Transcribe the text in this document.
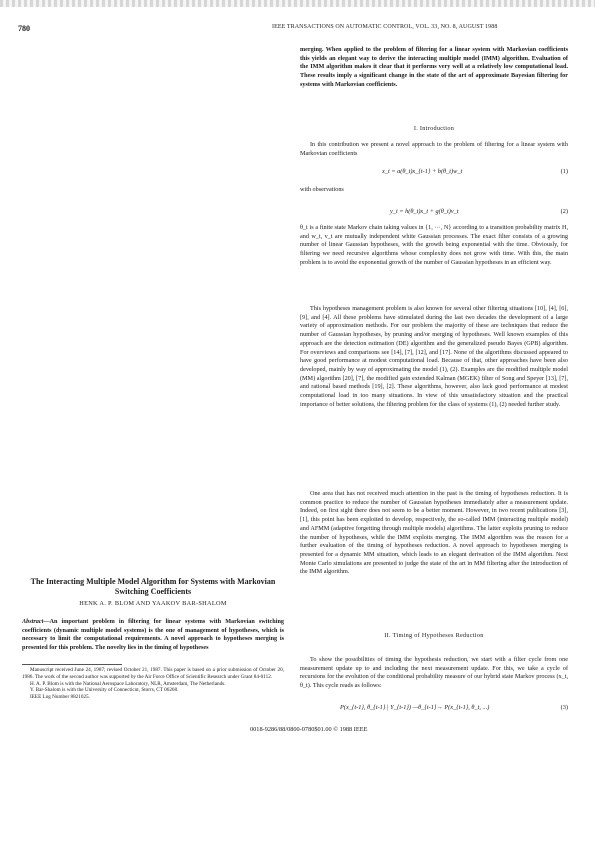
780	IEEE TRANSACTIONS ON AUTOMATIC CONTROL, VOL. 33, NO. 8, AUGUST 1988
merging. When applied to the problem of filtering for a linear system with Markovian coefficients this yields an elegant way to derive the interacting multiple model (IMM) algorithm. Evaluation of the IMM algorithm makes it clear that it performs very well at a relatively low computational load. These results imply a significant change in the state of the art of approximate Bayesian filtering for systems with Markovian coefficients.

I. Introduction

In this contribution we present a novel approach to the problem of filtering for a linear system with Markovian coefficients

x_t = a(θ_t)x_{t-1} + b(θ_t)w_t	(1)

with observations

y_t = h(θ_t)x_t + g(θ_t)v_t	(2)

θ_t is a finite state Markov chain taking values in {1, ···, N} according to a transition probability matrix H, and w_t, v_t are mutually independent white Gaussian processes. The exact filter consists of a growing number of linear Gaussian hypotheses, with the growth being exponential with the time. Obviously, for filtering we need recursive algorithms whose complexity does not grow with time. With this, the main problem is to avoid the exponential growth of the number of Gaussian hypotheses in an efficient way.

This hypotheses management problem is also known for several other filtering situations [10], [4], [6], [9], and [4]. All these problems have stimulated during the last two decades the development of a large variety of approximation methods. For our problem the majority of these are techniques that reduce the number of Gaussian hypotheses, by pruning and/or merging of hypotheses. Well known examples of this approach are the detection estimation (DE) algorithm and the generalized pseudo Bayes (GPB) algorithm. For overviews and comparisons see [14], [7], [12], and [17]. None of the algorithms discussed appeared to have good performance at modest computational load. Because of that, other approaches have been also developed, mainly by way of approximating the model (1), (2). Examples are the modified multiple model (MM) algorithm [20], [7], the modified gain extended Kalman (MGEK) filter of Song and Speyer [13], [7], and rational based methods [19], [2]. These algorithms, however, also lack good performance at modest computational load in too many situations. In view of this unsatisfactory situation and the practical importance of better solutions, the filtering problem for the class of systems (1), (2) needed further study.

One area that has not received much attention in the past is the timing of hypotheses reduction. It is common practice to reduce the number of Gaussian hypotheses immediately after a measurement update. Indeed, on first sight there does not seem to be a better moment. However, in two recent publications [3], [1], this point has been exploited to develop, respectively, the so-called IMM (interacting multiple model) and AFMM (adaptive forgetting through multiple models) algorithms. The latter exploits pruning to reduce the number of hypotheses, while the IMM exploits merging. The IMM algorithm was the reason for a further evaluation of the timing of hypotheses reduction. A novel approach to hypotheses merging is presented for a dynamic MM situation, which leads to an elegant derivation of the IMM algorithm. Next Monte Carlo simulations are presented to judge the state of the art in MM filtering after the introduction of the IMM algorithm.

II. Timing of Hypotheses Reduction

To show the possibilities of timing the hypothesis reduction, we start with a filter cycle from one measurement update up to and including the next measurement update. For this, we take a cycle of recursions for the evolution of the conditional probability measure of our hybrid state Markov process (x_t, θ_t). This cycle reads as follows:

P(x_{t-1}, θ_{t-1} | Y_{t-1}) —θ_{t-1}→ P(x_{t-1}, θ_t, ...)	(3)
The Interacting Multiple Model Algorithm for Systems with Markovian Switching Coefficients
HENK A. P. BLOM AND YAAKOV BAR-SHALOM
Abstract—An important problem in filtering for linear systems with Markovian switching coefficients (dynamic multiple model systems) is the one of management of hypotheses, which is necessary to limit the computational requirements. A novel approach to hypotheses merging is presented for this problem. The novelty lies in the timing of hypotheses

Manuscript received June 24, 1987; revised October 21, 1987. This paper is based on a prior submission of October 20, 1986. The work of the second author was supported by the Air Force Office of Scientific Research under Grant 84-0112.

H. A. P. Blom is with the National Aerospace Laboratory, NLR, Amsterdam, The Netherlands.

Y. Bar-Shalom is with the University of Connecticut, Storrs, CT 06268.

IEEE Log Number 8821025.

0018-9286/88/0800-0780$01.00 © 1988 IEEE
